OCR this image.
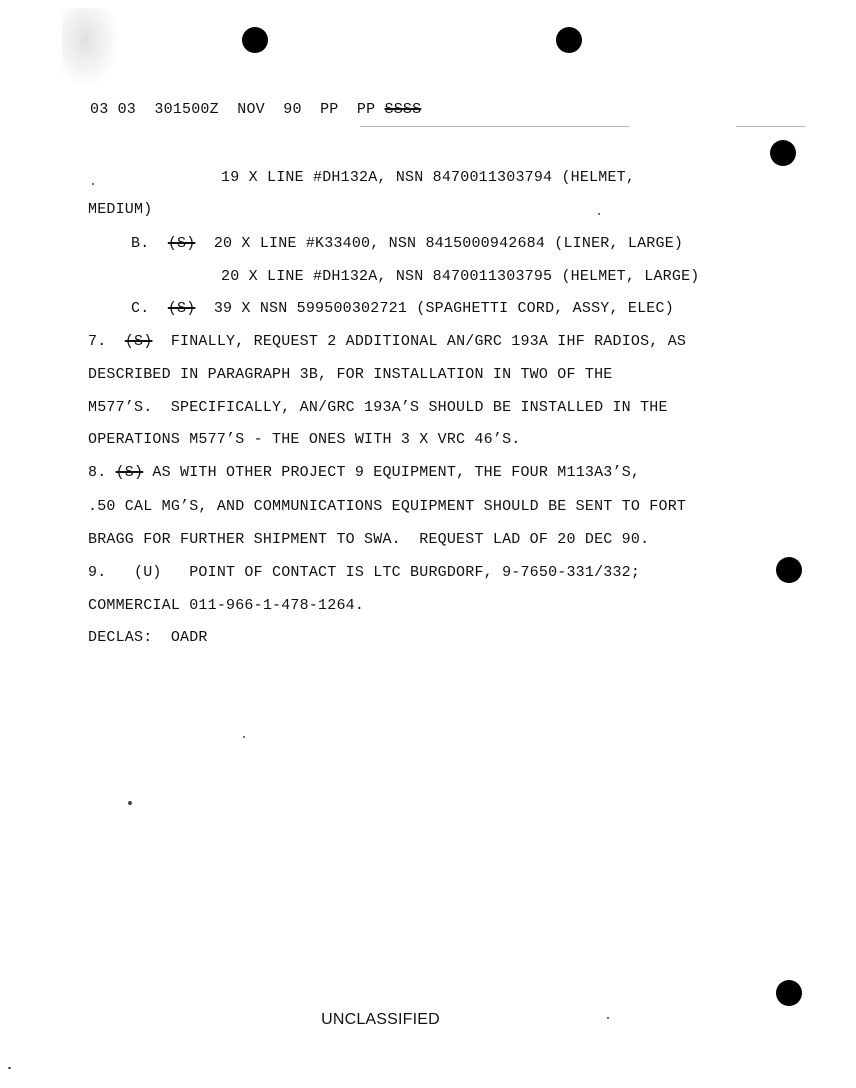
03 03 301500Z NOV 90 PP PP SSSS
19 X LINE #DH132A, NSN 8470011303794 (HELMET,
MEDIUM)
B. (S) 20 X LINE #K33400, NSN 8415000942684 (LINER, LARGE)
20 X LINE #DH132A, NSN 8470011303795 (HELMET, LARGE)
C. (S) 39 X NSN 599500302721 (SPAGHETTI CORD, ASSY, ELEC)
7. (S) FINALLY, REQUEST 2 ADDITIONAL AN/GRC 193A IHF RADIOS, AS
DESCRIBED IN PARAGRAPH 3B, FOR INSTALLATION IN TWO OF THE
M577’S.  SPECIFICALLY, AN/GRC 193A’S SHOULD BE INSTALLED IN THE
OPERATIONS M577’S - THE ONES WITH 3 X VRC 46’S.
8. (S) AS WITH OTHER PROJECT 9 EQUIPMENT, THE FOUR M113A3’S,
.50 CAL MG’S, AND COMMUNICATIONS EQUIPMENT SHOULD BE SENT TO FORT
BRAGG FOR FURTHER SHIPMENT TO SWA.  REQUEST LAD OF 20 DEC 90.
9.   (U)   POINT OF CONTACT IS LTC BURGDORF, 9-7650-331/332;
COMMERCIAL 011-966-1-478-1264.
DECLAS:  OADR
UNCLASSIFIED
